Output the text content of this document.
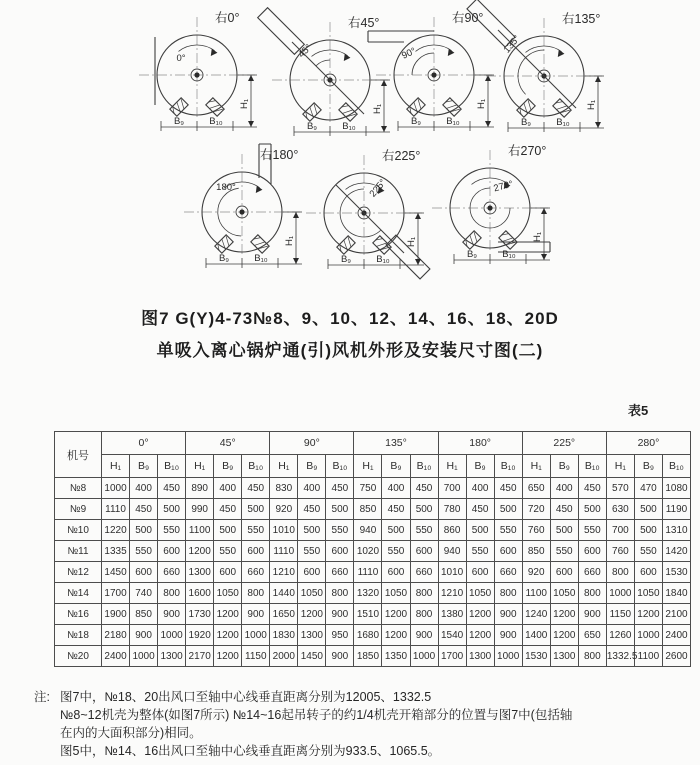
右0°
0°
B₉	B₁₀
H₁
右45°
45°
B₉	B₁₀
H₁
右90°
90°
B₉	B₁₀
H₁
右135°
135°
B₉	B₁₀
H₁
右180°
180°
B₉	B₁₀
H₁
右225°
225°
B₉	B₁₀
H₁
右270°
270°
B₉	B₁₀
H₁
图7 G(Y)4-73№8、9、10、12、14、16、18、20D
单吸入离心锅炉通(引)风机外形及安装尺寸图(二)
表5
机号	0°			45°			90°			135°			180°			225°			280°		
	H₁	B₉	B₁₀	H₁	B₉	B₁₀	H₁	B₉	B₁₀	H₁	B₉	B₁₀	H₁	B₉	B₁₀	H₁	B₉	B₁₀	H₁	B₉	B₁₀
№8	1000	400	450	890	400	450	830	400	450	750	400	450	700	400	450	650	400	450	570	470	1080
№9	1110	450	500	990	450	500	920	450	500	850	450	500	780	450	500	720	450	500	630	500	1190
№10	1220	500	550	1100	500	550	1010	500	550	940	500	550	860	500	550	760	500	550	700	500	1310
№11	1335	550	600	1200	550	600	1110	550	600	1020	550	600	940	550	600	850	550	600	760	550	1420
№12	1450	600	660	1300	600	660	1210	600	660	1110	600	660	1010	600	660	920	600	660	800	600	1530
№14	1700	740	800	1600	1050	800	1440	1050	800	1320	1050	800	1210	1050	800	1100	1050	800	1000	1050	1840
№16	1900	850	900	1730	1200	900	1650	1200	900	1510	1200	800	1380	1200	900	1240	1200	900	1150	1200	2100
№18	2180	900	1000	1920	1200	1000	1830	1300	950	1680	1200	900	1540	1200	900	1400	1200	650	1260	1000	2400
№20	2400	1000	1300	2170	1200	1150	2000	1450	900	1850	1350	1000	1700	1300	1000	1530	1300	800	1332.5	1100	2600
注: 图7中，№18、20出风口至轴中心线垂直距离分别为12005、1332.5
№8~12机壳为整体(如图7所示) №14~16起吊转子的约1/4机壳开箱部分的位置与图7中(包括轴
在内的大面积部分)相同。
图5中，№14、16出风口至轴中心线垂直距离分别为933.5、1065.5。
